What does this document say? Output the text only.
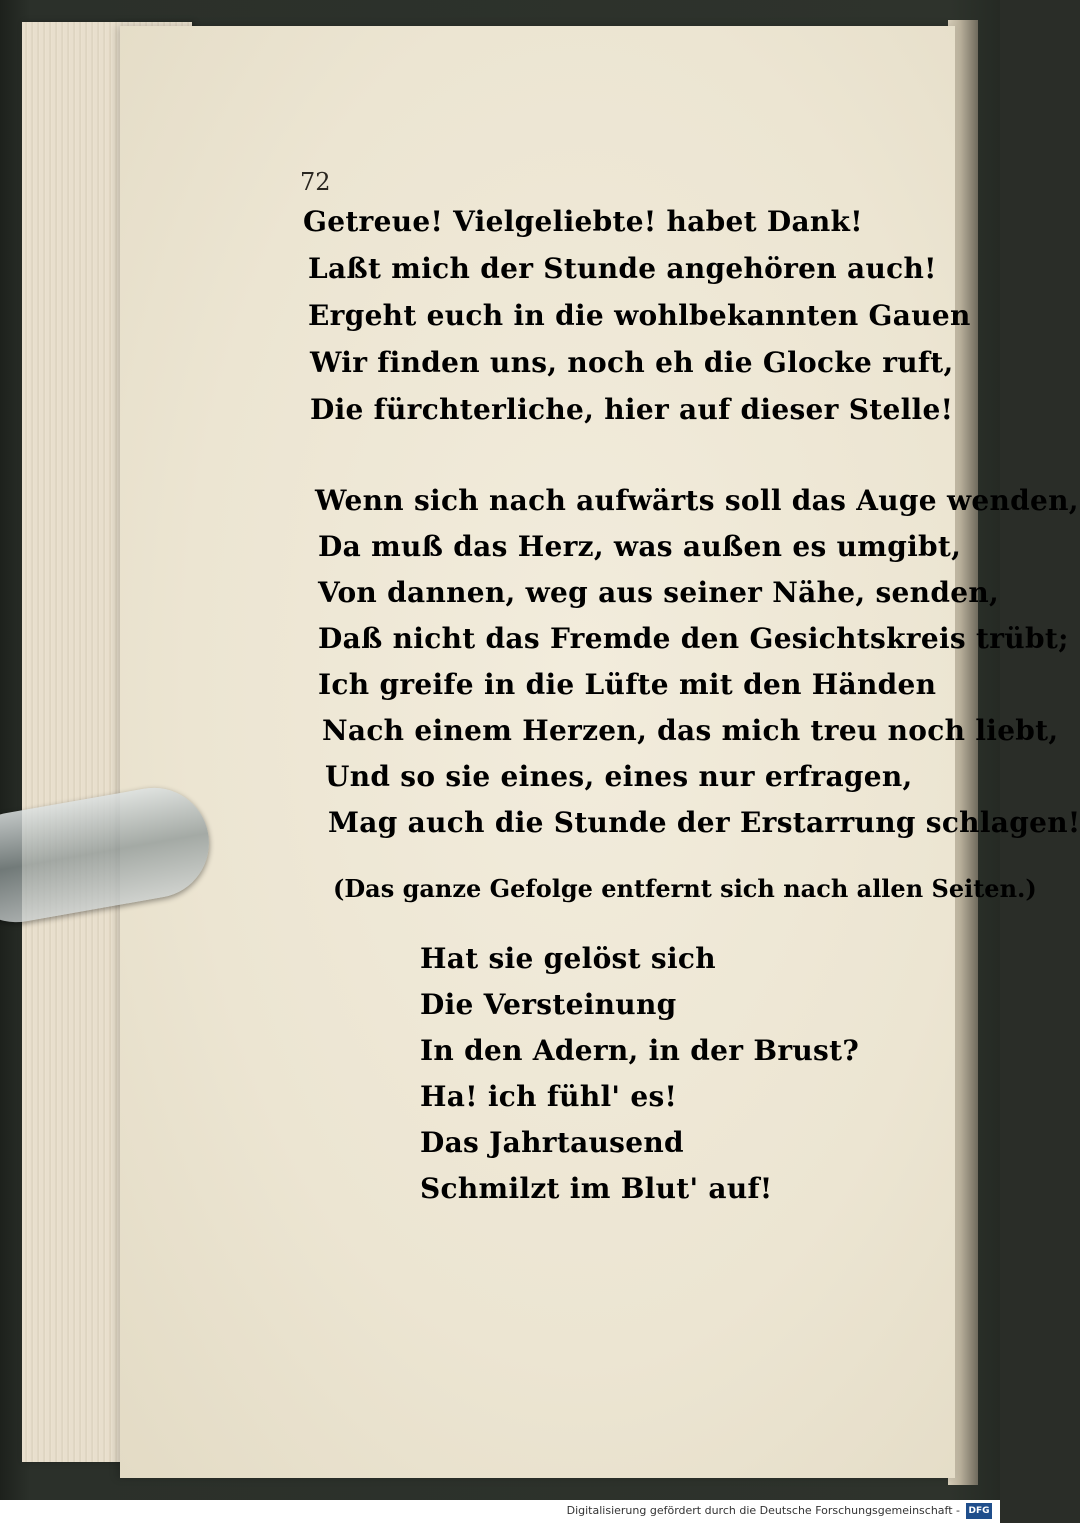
72
Getreue! Vielgeliebte! habet Dank!
Laßt mich der Stunde angehören auch!
Ergeht euch in die wohlbekannten Gauen
Wir finden uns, noch eh die Glocke ruft,
Die fürchterliche, hier auf dieser Stelle!
Wenn sich nach aufwärts soll das Auge wenden,
Da muß das Herz, was außen es umgibt,
Von dannen, weg aus seiner Nähe, senden,
Daß nicht das Fremde den Gesichtskreis trübt;
Ich greife in die Lüfte mit den Händen
Nach einem Herzen, das mich treu noch liebt,
Und so sie eines, eines nur erfragen,
Mag auch die Stunde der Erstarrung schlagen!
(Das ganze Gefolge entfernt sich nach allen Seiten.)
Hat sie gelöst sich
Die Versteinung
In den Adern, in der Brust?
Ha! ich fühl' es!
Das Jahrtausend
Schmilzt im Blut' auf!
Digitalisierung gefördert durch die Deutsche Forschungsgemeinschaft - DFG
